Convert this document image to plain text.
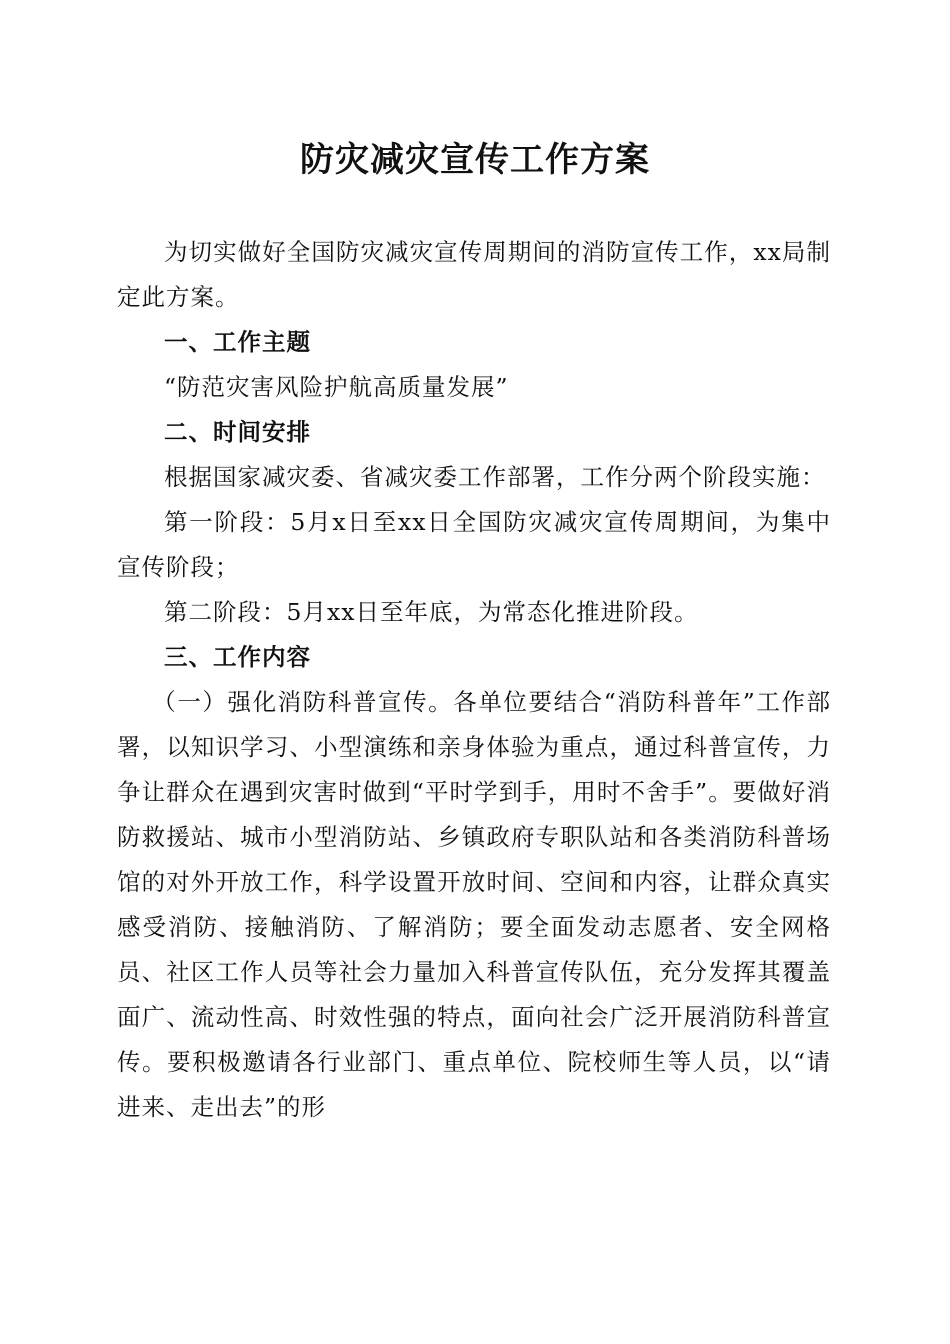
防灾减灾宣传工作方案

为切实做好全国防灾减灾宣传周期间的消防宣传工作，xx局制定此方案。

一、工作主题

“防范灾害风险护航高质量发展”

二、时间安排

根据国家减灾委、省减灾委工作部署，工作分两个阶段实施：

第一阶段：5月x日至xx日全国防灾减灾宣传周期间，为集中宣传阶段；

第二阶段：5月xx日至年底，为常态化推进阶段。

三、工作内容

（一）强化消防科普宣传。各单位要结合“消防科普年”工作部署，以知识学习、小型演练和亲身体验为重点，通过科普宣传，力争让群众在遇到灾害时做到“平时学到手，用时不舍手”。要做好消防救援站、城市小型消防站、乡镇政府专职队站和各类消防科普场馆的对外开放工作，科学设置开放时间、空间和内容，让群众真实感受消防、接触消防、了解消防；要全面发动志愿者、安全网格员、社区工作人员等社会力量加入科普宣传队伍，充分发挥其覆盖面广、流动性高、时效性强的特点，面向社会广泛开展消防科普宣传。要积极邀请各行业部门、重点单位、院校师生等人员，以“请进来、走出去”的形
